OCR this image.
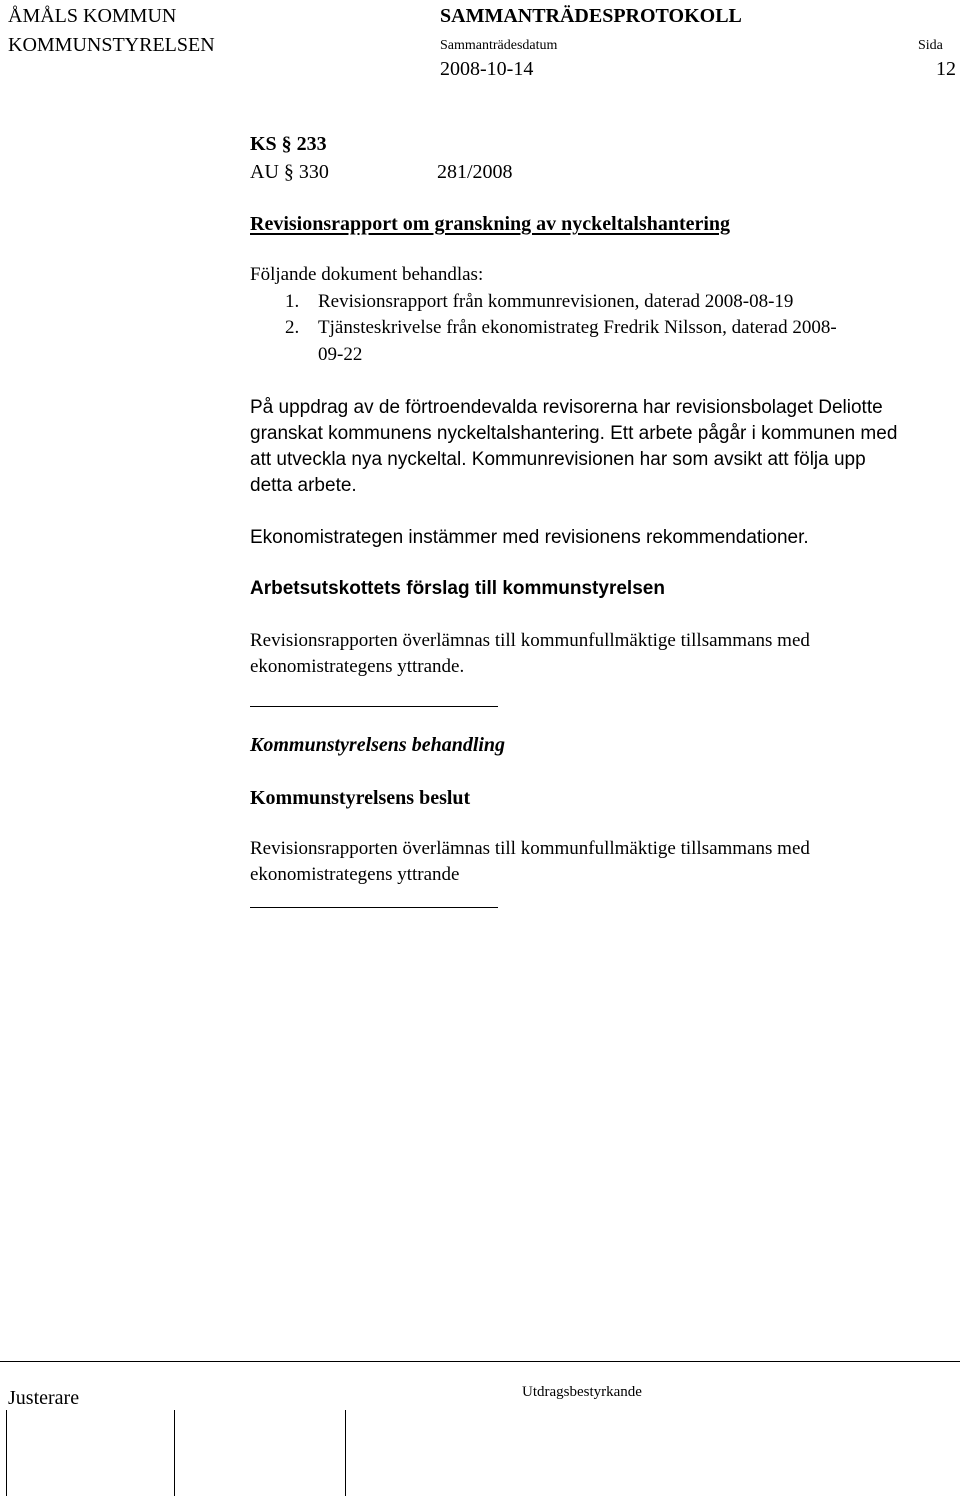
ÅMÅLS KOMMUN
KOMMUNSTYRELSEN
SAMMANTRÄDESPROTOKOLL
Sammanträdesdatum
2008-10-14
Sida
12
KS § 233
AU § 330	281/2008
Revisionsrapport om granskning av nyckeltalshantering
Följande dokument behandlas:
1. Revisionsrapport från kommunrevisionen, daterad 2008-08-19
2. Tjänsteskrivelse från ekonomistrateg Fredrik Nilsson, daterad 2008-
09-22
På uppdrag av de förtroendevalda revisorerna har revisionsbolaget Deliotte
granskat kommunens nyckeltalshantering. Ett arbete pågår i kommunen med
att utveckla nya nyckeltal. Kommunrevisionen har som avsikt att följa upp
detta arbete.
Ekonomistrategen instämmer med revisionens rekommendationer.
Arbetsutskottets förslag till kommunstyrelsen
Revisionsrapporten överlämnas till kommunfullmäktige tillsammans med
ekonomistrategens yttrande.
Kommunstyrelsens behandling
Kommunstyrelsens beslut
Revisionsrapporten överlämnas till kommunfullmäktige tillsammans med
ekonomistrategens yttrande
Justerare	Utdragsbestyrkande
